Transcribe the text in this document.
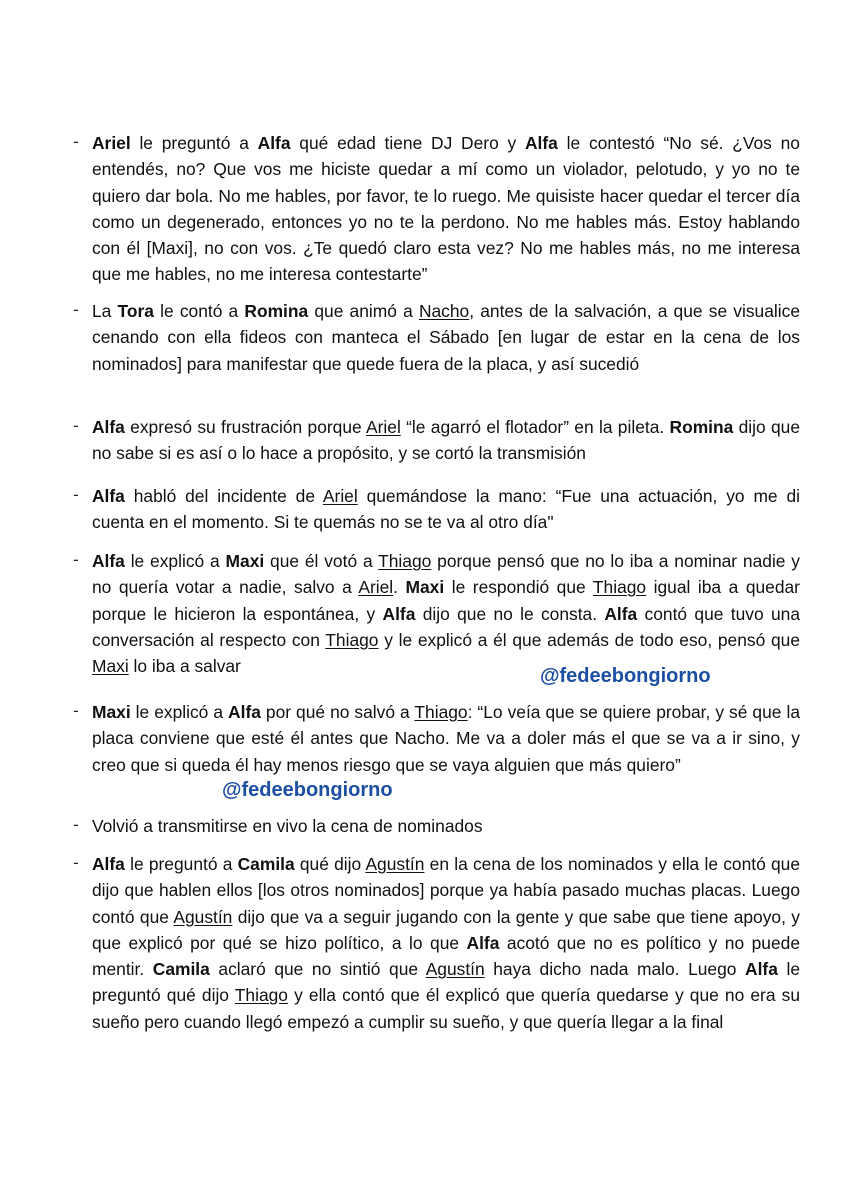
- Ariel le preguntó a Alfa qué edad tiene DJ Dero y Alfa le contestó “No sé. ¿Vos no entendés, no? Que vos me hiciste quedar a mí como un violador, pelotudo, y yo no te quiero dar bola. No me hables, por favor, te lo ruego. Me quisiste hacer quedar el tercer día como un degenerado, entonces yo no te la perdono. No me hables más. Estoy hablando con él [Maxi], no con vos. ¿Te quedó claro esta vez? No me hables más, no me interesa que me hables, no me interesa contestarte”
- La Tora le contó a Romina que animó a Nacho, antes de la salvación, a que se visualice cenando con ella fideos con manteca el Sábado [en lugar de estar en la cena de los nominados] para manifestar que quede fuera de la placa, y así sucedió
- Alfa expresó su frustración porque Ariel “le agarró el flotador” en la pileta. Romina dijo que no sabe si es así o lo hace a propósito, y se cortó la transmisión
- Alfa habló del incidente de Ariel quemándose la mano: “Fue una actuación, yo me di cuenta en el momento. Si te quemás no se te va al otro día"
- Alfa le explicó a Maxi que él votó a Thiago porque pensó que no lo iba a nominar nadie y no quería votar a nadie, salvo a Ariel. Maxi le respondió que Thiago igual iba a quedar porque le hicieron la espontánea, y Alfa dijo que no le consta. Alfa contó que tuvo una conversación al respecto con Thiago y le explicó a él que además de todo eso, pensó que Maxi lo iba a salvar
- Maxi le explicó a Alfa por qué no salvó a Thiago: “Lo veía que se quiere probar, y sé que la placa conviene que esté él antes que Nacho. Me va a doler más el que se va a ir sino, y creo que si queda él hay menos riesgo que se vaya alguien que más quiero”
- Volvió a transmitirse en vivo la cena de nominados
- Alfa le preguntó a Camila qué dijo Agustín en la cena de los nominados y ella le contó que dijo que hablen ellos [los otros nominados] porque ya había pasado muchas placas. Luego contó que Agustín dijo que va a seguir jugando con la gente y que sabe que tiene apoyo, y que explicó por qué se hizo político, a lo que Alfa acotó que no es político y no puede mentir. Camila aclaró que no sintió que Agustín haya dicho nada malo. Luego Alfa le preguntó qué dijo Thiago y ella contó que él explicó que quería quedarse y que no era su sueño pero cuando llegó empezó a cumplir su sueño, y que quería llegar a la final
@fedeebongiorno
@fedeebongiorno
